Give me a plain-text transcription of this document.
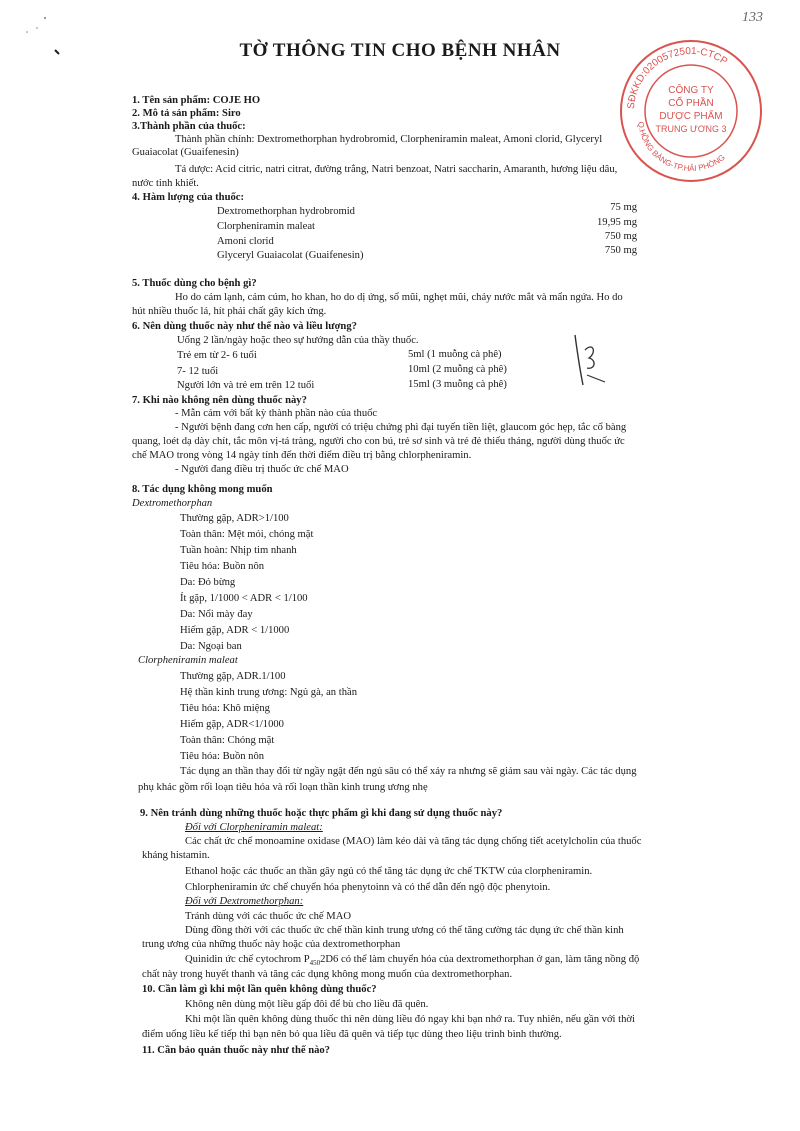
133
TỜ THÔNG TIN CHO BỆNH NHÂN
SĐKKD:0200572501-CTCP
Q.HỒNG BÀNG-TP.HẢI PHÒNG
CÔNG TY
CỔ PHẦN
DƯỢC PHẨM
TRUNG ƯƠNG 3
1. Tên sản phẩm: COJE HO
2. Mô tả sản phẩm: Siro
3.Thành phần của thuốc:
Thành phần chính: Dextromethorphan hydrobromid, Clorpheniramin maleat, Amoni clorid, Glyceryl
Guaiacolat (Guaifenesin)
Tá dược: Acid citric, natri citrat, đường trắng, Natri benzoat, Natri saccharin, Amaranth, hương liệu dâu,
nước tinh khiết.
4. Hàm lượng của thuốc:
Dextromethorphan hydrobromid	75 mg
Clorpheniramin maleat	19,95 mg
Amoni clorid	750 mg
Glyceryl Guaiacolat (Guaifenesin)	750 mg
5. Thuốc dùng cho bệnh gì?
Ho do cảm lạnh, cảm cúm, ho khan, ho do dị ứng, sổ mũi, nghẹt mũi, chảy nước mắt và mẩn ngứa. Ho do
hút nhiều thuốc lá, hít phải chất gây kích ứng.
6. Nên dùng thuốc này như thế nào và liều lượng?
Uống 2 lần/ngày hoặc theo sự hướng dẫn của thầy thuốc.
Trẻ em từ 2- 6 tuổi	5ml (1 muỗng cà phê)
7- 12 tuổi	10ml (2 muỗng cà phê)
Người lớn và trẻ em trên 12 tuổi	15ml (3 muỗng cà phê)
7. Khi nào không nên dùng thuốc này?
- Mẫn cảm với bất kỳ thành phần nào của thuốc
- Người bệnh đang cơn hen cấp, người có triệu chứng phì đại tuyến tiền liệt, glaucom góc hẹp, tắc cổ bàng
quang, loét dạ dày chít, tắc môn vị-tá tràng, người cho con bú, trẻ sơ sinh và trẻ đẻ thiếu tháng, người dùng thuốc ức
chế MAO trong vòng 14 ngày tính đến thời điểm điều trị bằng chlorpheniramin.
- Người đang điều trị thuốc ức chế MAO
8. Tác dụng không mong muốn
Dextromethorphan
Thường gặp, ADR>1/100
Toàn thân: Mệt mỏi, chóng mặt
Tuần hoàn: Nhịp tim nhanh
Tiêu hóa: Buồn nôn
Da: Đỏ bừng
Ít gặp, 1/1000 < ADR < 1/100
Da: Nổi mày đay
Hiếm gặp, ADR < 1/1000
Da: Ngoại ban
Clorpheniramin maleat
Thường gặp, ADR.1/100
Hệ thần kinh trung ương: Ngủ gà, an thần
Tiêu hóa: Khô miệng
Hiếm gặp, ADR<1/1000
Toàn thân: Chóng mặt
Tiêu hóa: Buồn nôn
Tác dụng an thần thay đổi từ ngầy ngật đến ngủ sâu có thể xảy ra nhưng sẽ giảm sau vài ngày. Các tác dụng
phụ khác gồm rối loạn tiêu hóa và rối loạn thần kinh trung ương nhẹ
9. Nên tránh dùng những thuốc hoặc thực phẩm gì khi đang sử dụng thuốc này?
Đối với Clorpheniramin maleat:
Các chất ức chế monoamine oxidase (MAO) làm kéo dài và tăng tác dụng chống tiết acetylcholin của thuốc
kháng histamin.
Ethanol hoặc các thuốc an thần gây ngủ có thể tăng tác dụng ức chế TKTW của clorpheniramin.
Chlorpheniramin ức chế chuyển hóa phenytoinn và có thể dẫn đến ngộ độc phenytoin.
Đối với Dextromethorphan:
Tránh dùng với các thuốc ức chế MAO
Dùng đồng thời với các thuốc ức chế thần kinh trung ương có thể tăng cường tác dụng ức chế thần kinh
trung ương của những thuốc này hoặc của dextromethorphan
Quinidin ức chế cytochrom $P_{450}2D6$ có thể làm chuyển hóa của dextromethorphan ở gan, làm tăng nồng độ
chất này trong huyết thanh và tăng các dụng không mong muốn của dextromethorphan.
10. Cần làm gì khi một lần quên không dùng thuốc?
Không nên dùng một liều gấp đôi để bù cho liều đã quên.
Khi một lần quên không dùng thuốc thì nên dùng liều đó ngay khi bạn nhớ ra. Tuy nhiên, nếu gần với thời
điểm uống liều kế tiếp thì bạn nên bỏ qua liều đã quên và tiếp tục dùng theo liệu trình bình thường.
11. Cần bảo quản thuốc này như thế nào?
